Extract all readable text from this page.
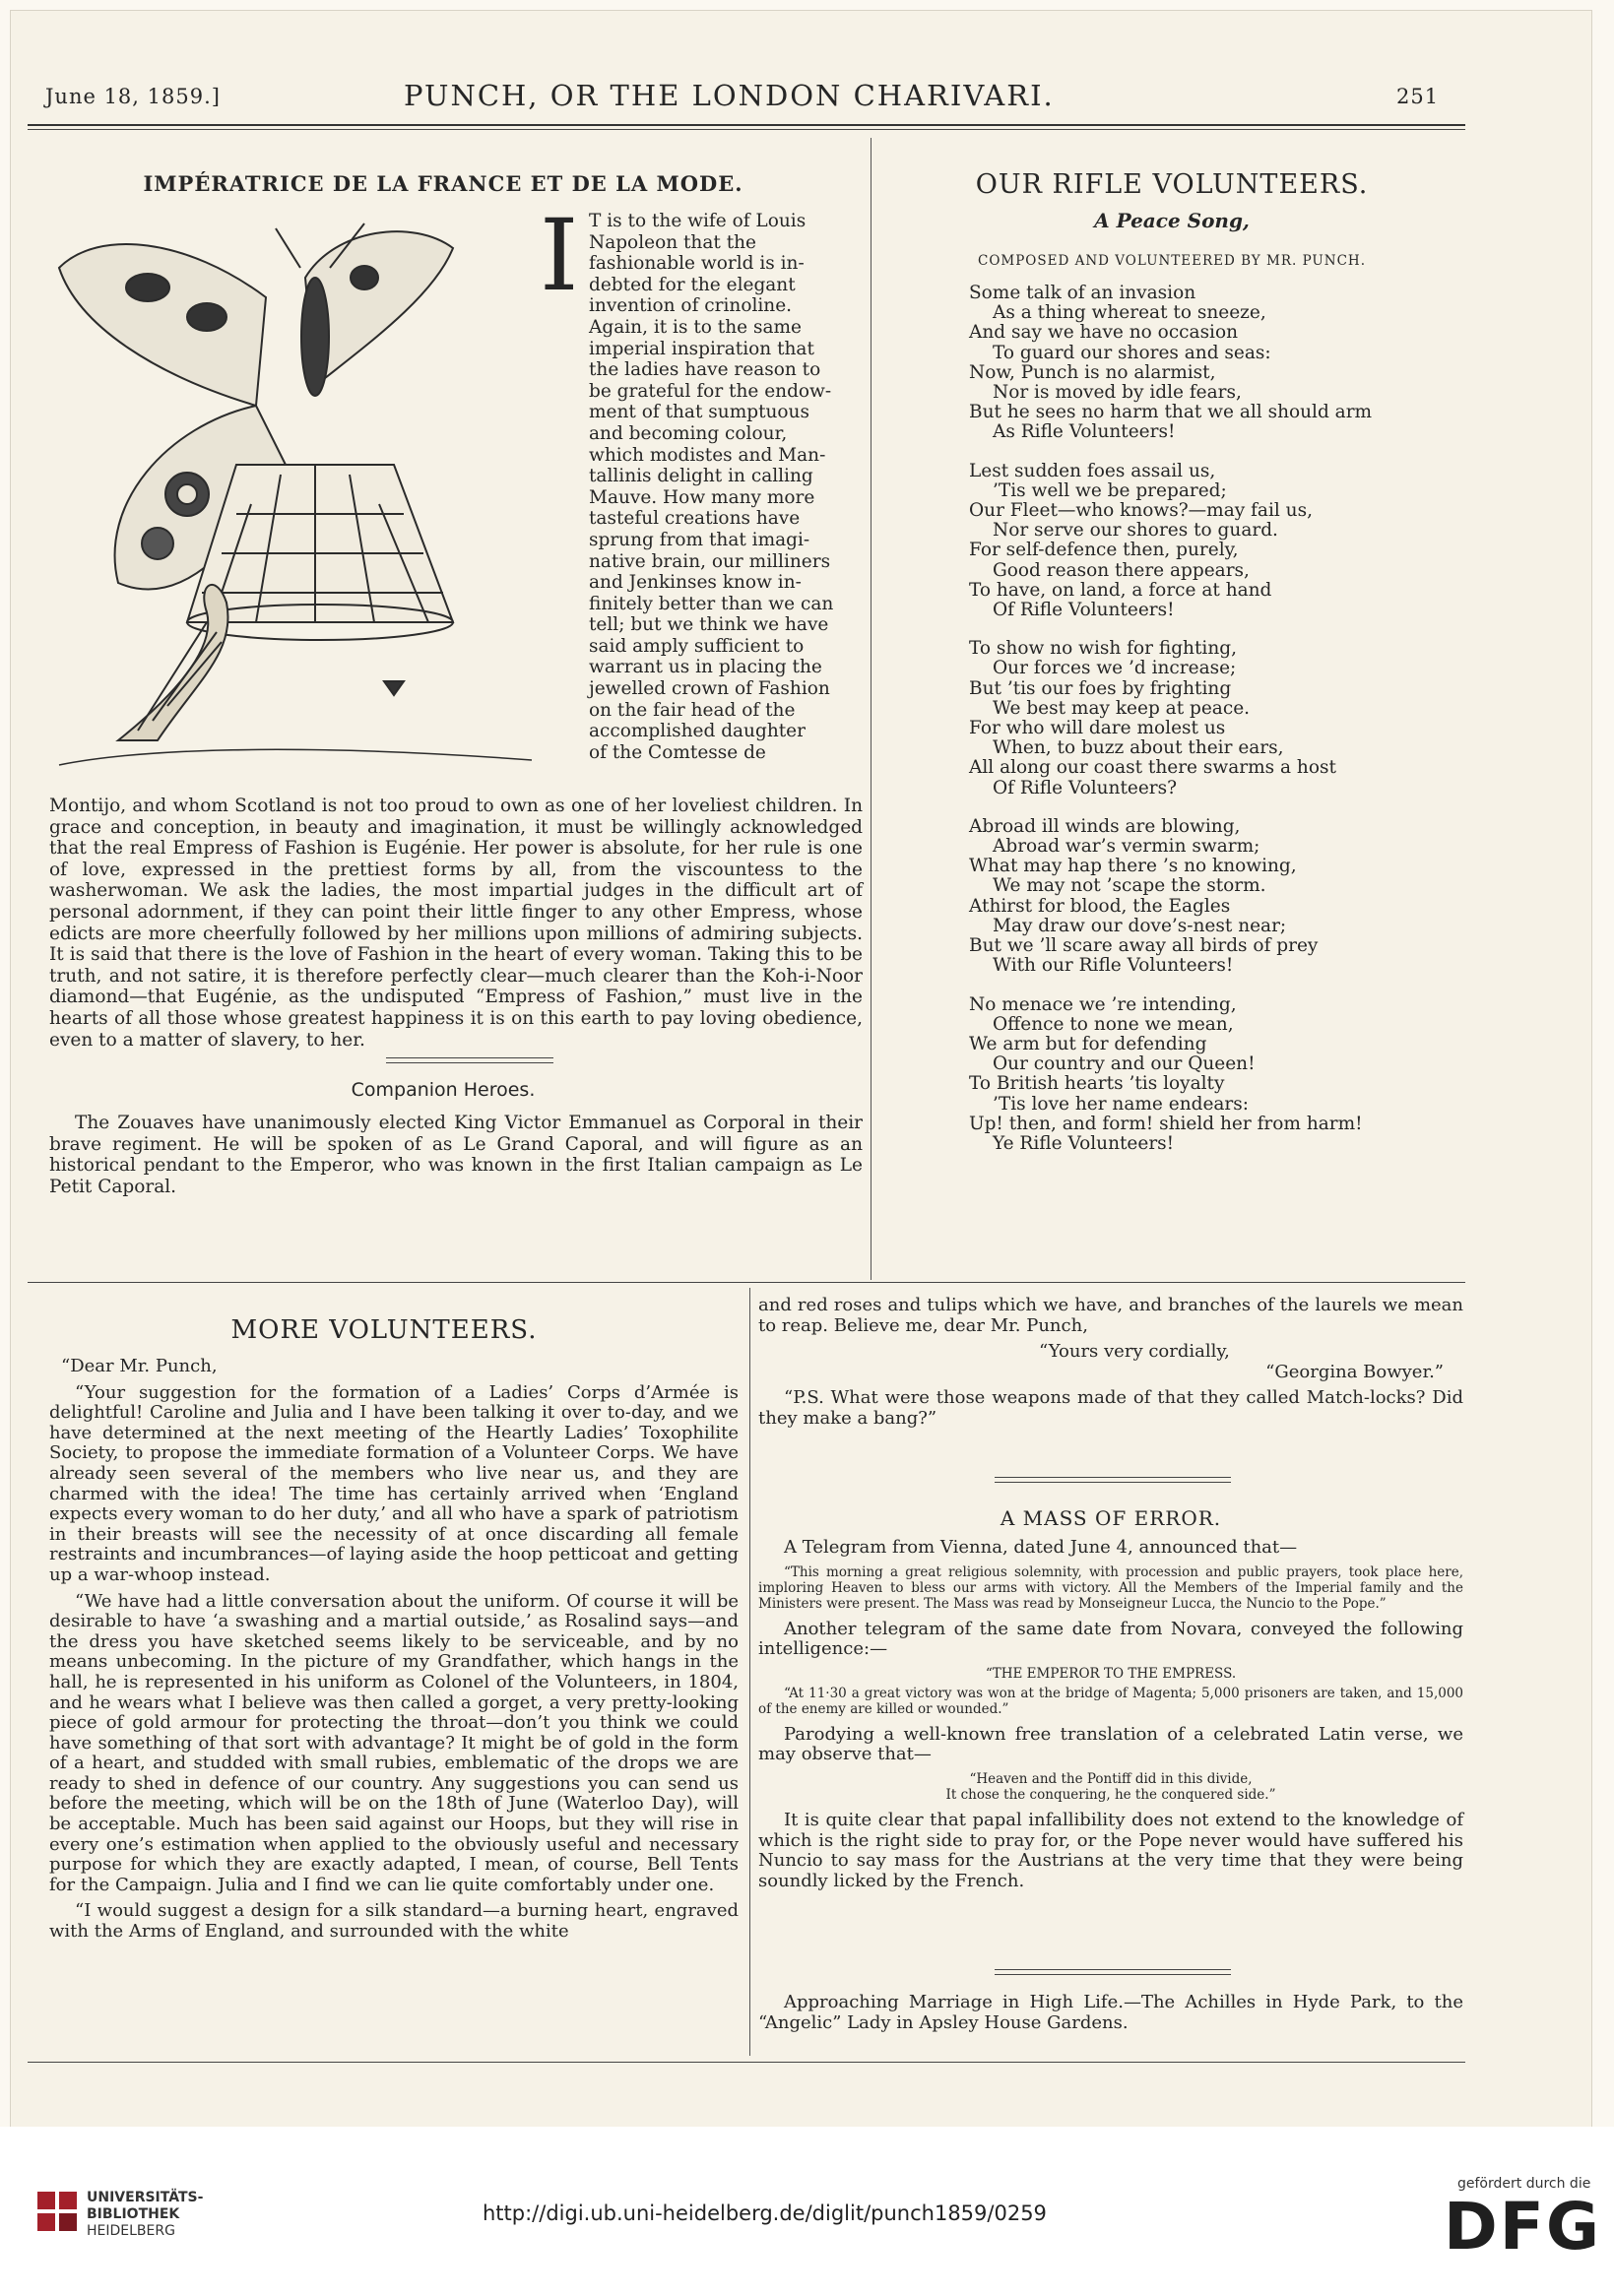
June 18, 1859.]	PUNCH, OR THE LONDON CHARIVARI.	251
IMPÉRATRICE DE LA FRANCE ET DE LA MODE.
I T is to the wife of Louis
Napoleon that the
fashionable world is in-
debted for the elegant
invention of crinoline.
Again, it is to the same
imperial inspiration that
the ladies have reason to
be grateful for the endow-
ment of that sumptuous
and becoming colour,
which modistes and Man-
tallinis delight in calling
Mauve. How many more
tasteful creations have
sprung from that imagi-
native brain, our milliners
and Jenkinses know in-
finitely better than we can
tell; but we think we have
said amply sufficient to
warrant us in placing the
jewelled crown of Fashion
on the fair head of the
accomplished daughter
of the Comtesse de

Montijo, and whom Scotland is not too proud to own as one of her loveliest children. In grace and conception, in beauty and imagination, it must be willingly acknowledged that the real Empress of Fashion is Eugénie. Her power is absolute, for her rule is one of love, expressed in the prettiest forms by all, from the viscountess to the washerwoman. We ask the ladies, the most impartial judges in the difficult art of personal adornment, if they can point their little finger to any other Empress, whose edicts are more cheerfully followed by her millions upon millions of admiring subjects. It is said that there is the love of Fashion in the heart of every woman. Taking this to be truth, and not satire, it is therefore perfectly clear—much clearer than the Koh-i-Noor diamond—that Eugénie, as the undisputed “Empress of Fashion,” must live in the hearts of all those whose greatest happiness it is on this earth to pay loving obedience, even to a matter of slavery, to her.

Companion Heroes.

The Zouaves have unanimously elected King Victor Emmanuel as Corporal in their brave regiment. He will be spoken of as Le Grand Caporal, and will figure as an historical pendant to the Emperor, who was known in the first Italian campaign as Le Petit Caporal.

OUR RIFLE VOLUNTEERS.
A Peace Song,
COMPOSED AND VOLUNTEERED BY MR. PUNCH.
Some talk of an invasion
As a thing whereat to sneeze,
And say we have no occasion
To guard our shores and seas:
Now, Punch is no alarmist,
Nor is moved by idle fears,
But he sees no harm that we all should arm
As Rifle Volunteers!
Lest sudden foes assail us,
’Tis well we be prepared;
Our Fleet—who knows?—may fail us,
Nor serve our shores to guard.
For self-defence then, purely,
Good reason there appears,
To have, on land, a force at hand
Of Rifle Volunteers!
To show no wish for fighting,
Our forces we ’d increase;
But ’tis our foes by frighting
We best may keep at peace.
For who will dare molest us
When, to buzz about their ears,
All along our coast there swarms a host
Of Rifle Volunteers?
Abroad ill winds are blowing,
Abroad war’s vermin swarm;
What may hap there ’s no knowing,
We may not ’scape the storm.
Athirst for blood, the Eagles
May draw our dove’s-nest near;
But we ’ll scare away all birds of prey
With our Rifle Volunteers!
No menace we ’re intending,
Offence to none we mean,
We arm but for defending
Our country and our Queen!
To British hearts ’tis loyalty
’Tis love her name endears:
Up! then, and form! shield her from harm!
Ye Rifle Volunteers!
MORE VOLUNTEERS.

“Dear Mr. Punch,

“Your suggestion for the formation of a Ladies’ Corps d’Armée is delightful! Caroline and Julia and I have been talking it over to-day, and we have determined at the next meeting of the Heartly Ladies’ Toxophilite Society, to propose the immediate formation of a Volunteer Corps. We have already seen several of the members who live near us, and they are charmed with the idea! The time has certainly arrived when ‘England expects every woman to do her duty,’ and all who have a spark of patriotism in their breasts will see the necessity of at once discarding all female restraints and incumbrances—of laying aside the hoop petticoat and getting up a war-whoop instead.

“We have had a little conversation about the uniform. Of course it will be desirable to have ‘a swashing and a martial outside,’ as Rosalind says—and the dress you have sketched seems likely to be serviceable, and by no means unbecoming. In the picture of my Grandfather, which hangs in the hall, he is represented in his uniform as Colonel of the Volunteers, in 1804, and he wears what I believe was then called a gorget, a very pretty-looking piece of gold armour for protecting the throat—don’t you think we could have something of that sort with advantage? It might be of gold in the form of a heart, and studded with small rubies, emblematic of the drops we are ready to shed in defence of our country. Any suggestions you can send us before the meeting, which will be on the 18th of June (Waterloo Day), will be acceptable. Much has been said against our Hoops, but they will rise in every one’s estimation when applied to the obviously useful and necessary purpose for which they are exactly adapted, I mean, of course, Bell Tents for the Campaign. Julia and I find we can lie quite comfortably under one.

“I would suggest a design for a silk standard—a burning heart, engraved with the Arms of England, and surrounded with the white

and red roses and tulips which we have, and branches of the laurels we mean to reap. Believe me, dear Mr. Punch,

“Yours very cordially,
“Georgina Bowyer.”

“P.S. What were those weapons made of that they called Match-locks? Did they make a bang?”

A MASS OF ERROR.

A Telegram from Vienna, dated June 4, announced that—

“This morning a great religious solemnity, with procession and public prayers, took place here, imploring Heaven to bless our arms with victory. All the Members of the Imperial family and the Ministers were present. The Mass was read by Monseigneur Lucca, the Nuncio to the Pope.”

Another telegram of the same date from Novara, conveyed the following intelligence:—

“THE EMPEROR TO THE EMPRESS.

“At 11·30 a great victory was won at the bridge of Magenta; 5,000 prisoners are taken, and 15,000 of the enemy are killed or wounded.”

Parodying a well-known free translation of a celebrated Latin verse, we may observe that—

“Heaven and the Pontiff did in this divide,
It chose the conquering, he the conquered side.”

It is quite clear that papal infallibility does not extend to the knowledge of which is the right side to pray for, or the Pope never would have suffered his Nuncio to say mass for the Austrians at the very time that they were being soundly licked by the French.

Approaching Marriage in High Life.—The Achilles in Hyde Park, to the “Angelic” Lady in Apsley House Gardens.

UNIVERSITÄTS-
BIBLIOTHEK
HEIDELBERG
http://digi.ub.uni-heidelberg.de/diglit/punch1859/0259
gefördert durch die
DFG
